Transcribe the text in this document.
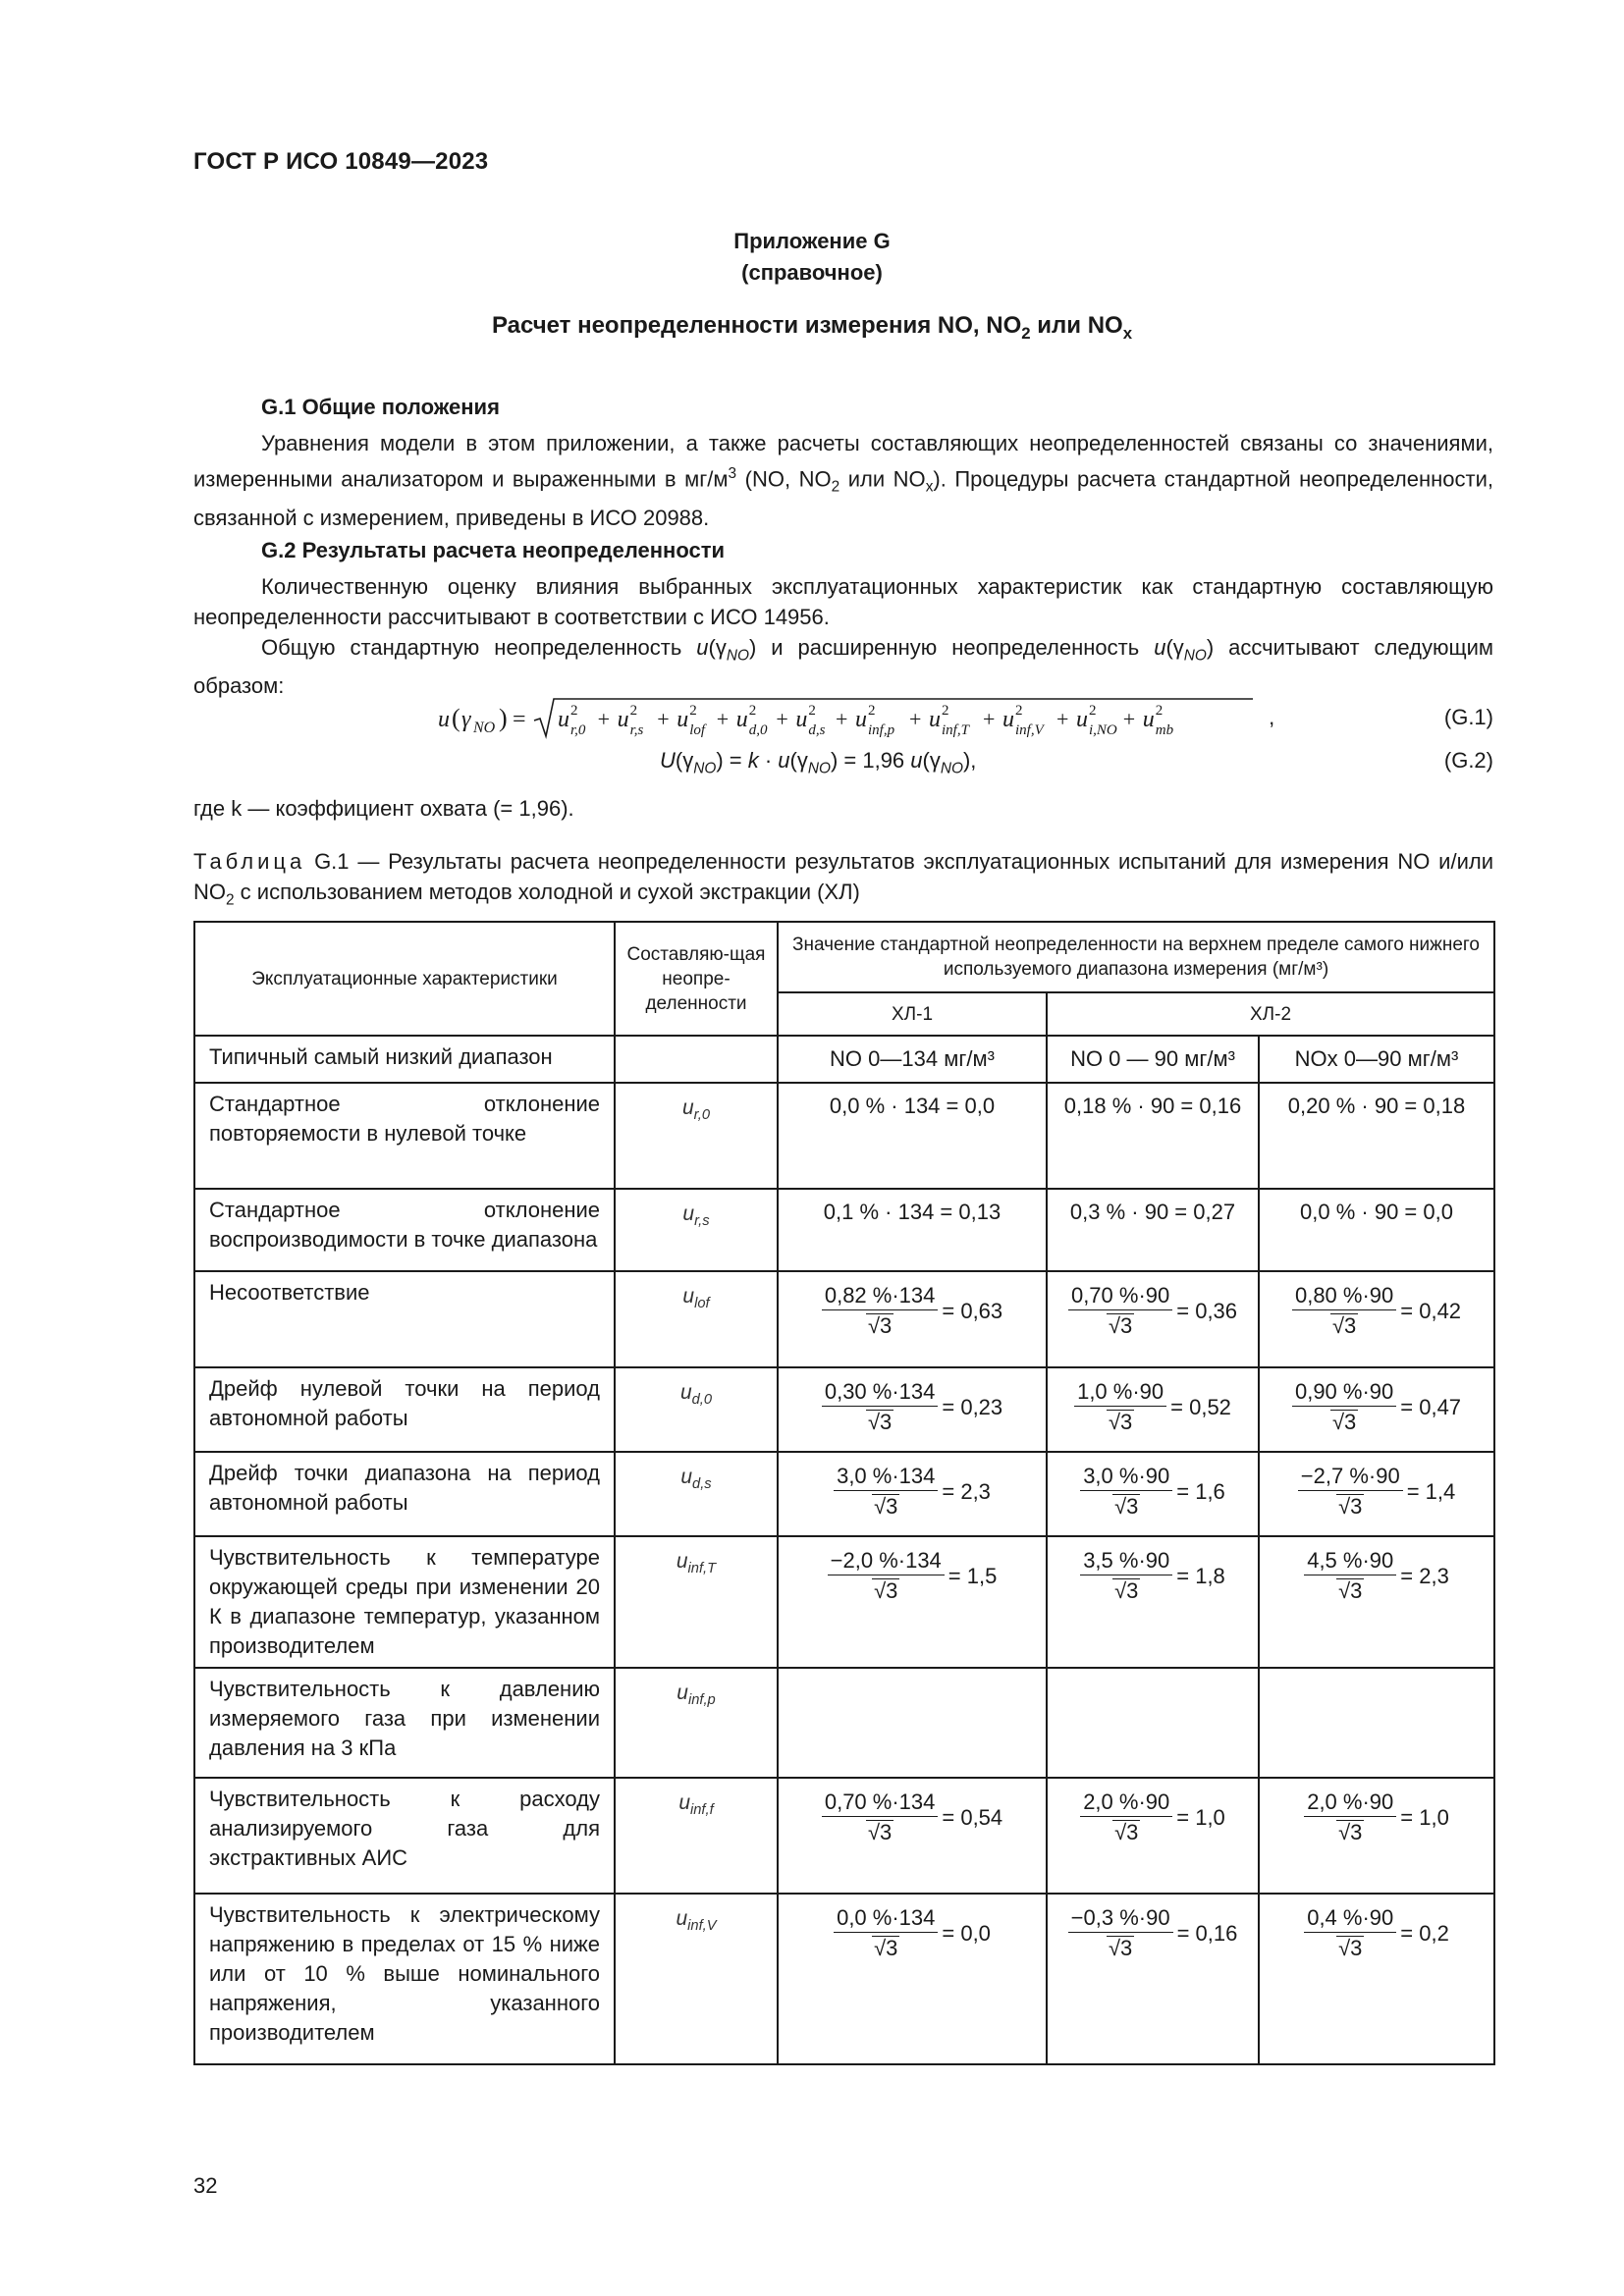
ГОСТ Р ИСО 10849—2023
Приложение G
(справочное)
Расчет неопределенности измерения NO, $NO_2$ или $NO_x$
G.1 Общие положения
Уравнения модели в этом приложении, а также расчеты составляющих неопределенностей связаны со значениями, измеренными анализатором и выраженными в $мг/м^3$ (NO, $NO_2$ или $NO_x$). Процедуры расчета стандартной неопределенности, связанной с измерением, приведены в ИСО 20988.
G.2 Результаты расчета неопределенности
Количественную оценку влияния выбранных эксплуатационных характеристик как стандартную составляющую неопределенности рассчитывают в соответствии с ИСО 14956.
Общую стандартную неопределенность $u(\gamma_{NO})$ и расширенную неопределенность $u(\gamma_{NO})$ ассчитывают следующим образом:
u ( γ NO ) = u 2
r,0 + u 2
r,s + u 2
lof + u 2
d,0 + u 2
d,s + u 2
inf,p + u 2
inf,T + u 2
inf,V + u 2
i,NO + u 2
mb
,	(G.1)
$U(\gamma_{NO}) = k \cdot u(\gamma_{NO}) = 1,96$ $u(\gamma_{NO})$,	(G.2)
где k — коэффициент охвата (= 1,96).
Таблица G.1 — Результаты расчета неопределенности результатов эксплуатационных испытаний для измерения NO и/или $NO_2$ с использованием методов холодной и сухой экстракции (ХЛ)
Эксплуатационные характеристики	Составляю-щая неопре-деленности	Значение стандартной неопределенности на верхнем пределе самого нижнего используемого диапазона измерения (мг/м³)		
		ХЛ-1	ХЛ-2	
Типичный самый низкий диапазон		NO 0—134 мг/м³	NO 0 — 90 мг/м³	NOx 0—90 мг/м³
Стандартное отклонение повторяемости в нулевой точке	$u_{r,0}$	0,0 % · 134 = 0,0	0,18 % · 90 = 0,16	0,20 % · 90 = 0,18
Стандартное отклонение воспроизводимости в точке диапазона	$u_{r,s}$	0,1 % · 134 = 0,13	0,3 % · 90 = 0,27	0,0 % · 90 = 0,0
Несоответствие	$u_{lof}$	$\frac{0,82 \%\cdot 134}{√3} = 0,63$	$\frac{0,70 \%\cdot 90}{√3} = 0,36$	$\frac{0,80 \%\cdot 90}{√3} = 0,42$
Дрейф нулевой точки на период автономной работы	$u_{d,0}$	$\frac{0,30 \%\cdot 134}{√3} = 0,23$	$\frac{1,0 \%\cdot 90}{√3} = 0,52$	$\frac{0,90 \%\cdot 90}{√3} = 0,47$
Дрейф точки диапазона на период автономной работы	$u_{d,s}$	$\frac{3,0 \%\cdot 134}{√3} = 2,3$	$\frac{3,0 \%\cdot 90}{√3} = 1,6$	$\frac{-2,7 \%\cdot 90}{√3} = 1,4$
Чувствительность к температуре окружающей среды при изменении 20 К в диапазоне температур, указанном производителем	$u_{inf,T}$	$\frac{-2,0 \%\cdot 134}{√3} = 1,5$	$\frac{3,5 \%\cdot 90}{√3} = 1,8$	$\frac{4,5 \%\cdot 90}{√3} = 2,3$
Чувствительность к давлению измеряемого газа при изменении давления на 3 кПа	$u_{inf,p}$			
Чувствительность к расходу анализируемого газа для экстрактивных АИС	$u_{inf,f}$	$\frac{0,70 \%\cdot 134}{√3} = 0,54$	$\frac{2,0 \%\cdot 90}{√3} = 1,0$	$\frac{2,0 \%\cdot 90}{√3} = 1,0$
Чувствительность к электрическому напряжению в пределах от 15 % ниже или от 10 % выше номинального напряжения, указанного производителем	$u_{inf,V}$	$\frac{0,0 \%\cdot 134}{√3} = 0,0$	$\frac{-0,3 \%\cdot 90}{√3} = 0,16$	$\frac{0,4 \%\cdot 90}{√3} = 0,2$
32
